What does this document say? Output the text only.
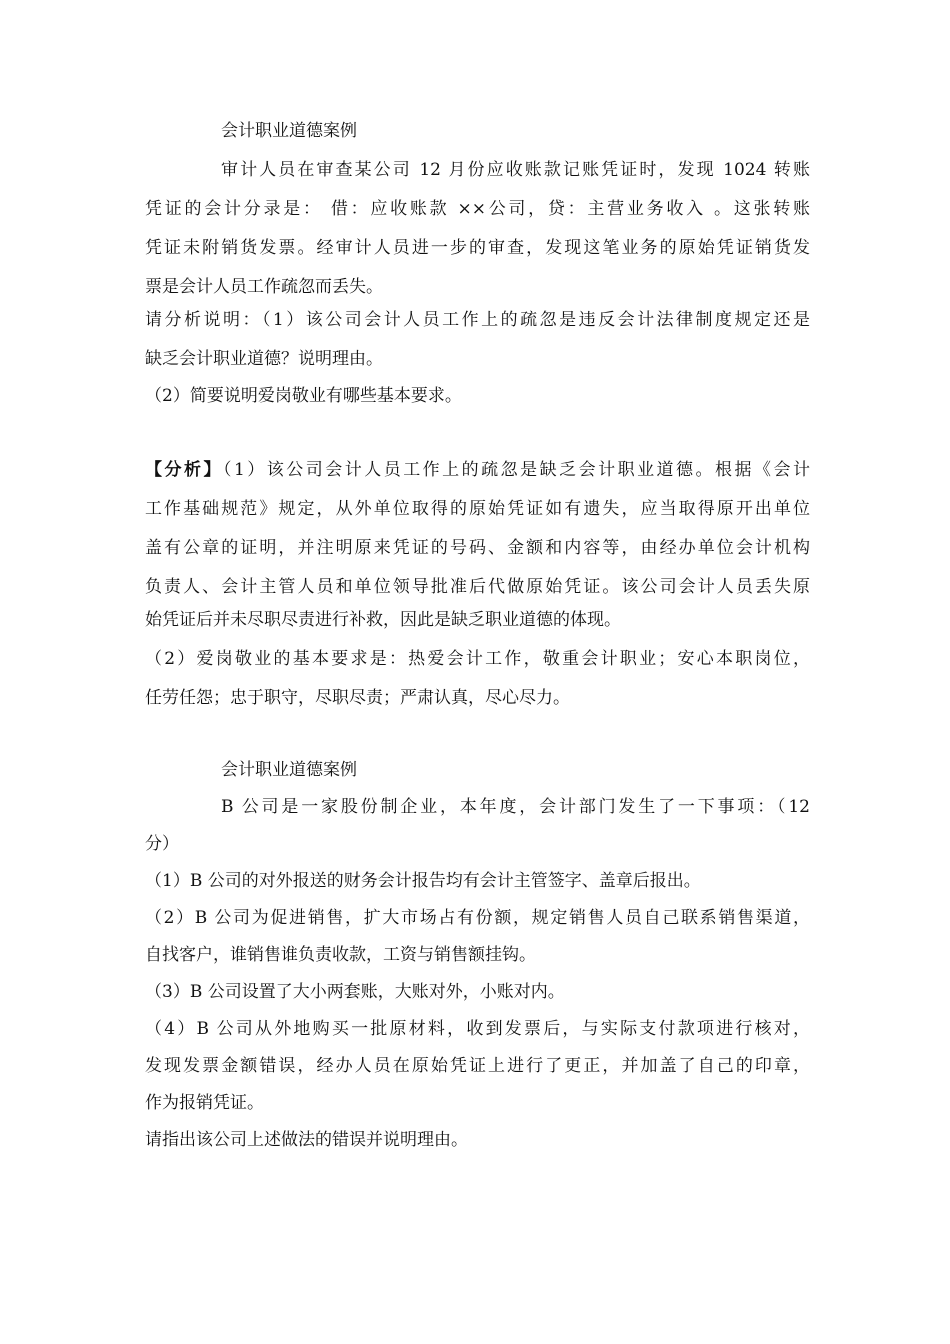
会计职业道德案例
审计人员在审查某公司 12 月份应收账款记账凭证时，发现 1024 转账
凭证的会计分录是： 借：应收账款 ××公司，贷：主营业务收入 。这张转账
凭证未附销货发票。经审计人员进一步的审查，发现这笔业务的原始凭证销货发
票是会计人员工作疏忽而丢失。
请分析说明：（1）该公司会计人员工作上的疏忽是违反会计法律制度规定还是
缺乏会计职业道德？说明理由。
（2）简要说明爱岗敬业有哪些基本要求。
【分析】（1）该公司会计人员工作上的疏忽是缺乏会计职业道德。根据《会计
工作基础规范》规定，从外单位取得的原始凭证如有遗失，应当取得原开出单位
盖有公章的证明，并注明原来凭证的号码、金额和内容等，由经办单位会计机构
负责人、会计主管人员和单位领导批准后代做原始凭证。该公司会计人员丢失原
始凭证后并未尽职尽责进行补救，因此是缺乏职业道德的体现。
（2）爱岗敬业的基本要求是：热爱会计工作，敬重会计职业；安心本职岗位，
任劳任怨；忠于职守，尽职尽责；严肃认真，尽心尽力。
会计职业道德案例
B 公司是一家股份制企业，本年度，会计部门发生了一下事项：（12
分）
（1）B 公司的对外报送的财务会计报告均有会计主管签字、盖章后报出。
（2）B 公司为促进销售，扩大市场占有份额，规定销售人员自己联系销售渠道，
自找客户，谁销售谁负责收款，工资与销售额挂钩。
（3）B 公司设置了大小两套账，大账对外，小账对内。
（4）B 公司从外地购买一批原材料，收到发票后，与实际支付款项进行核对，
发现发票金额错误，经办人员在原始凭证上进行了更正，并加盖了自己的印章，
作为报销凭证。
请指出该公司上述做法的错误并说明理由。
